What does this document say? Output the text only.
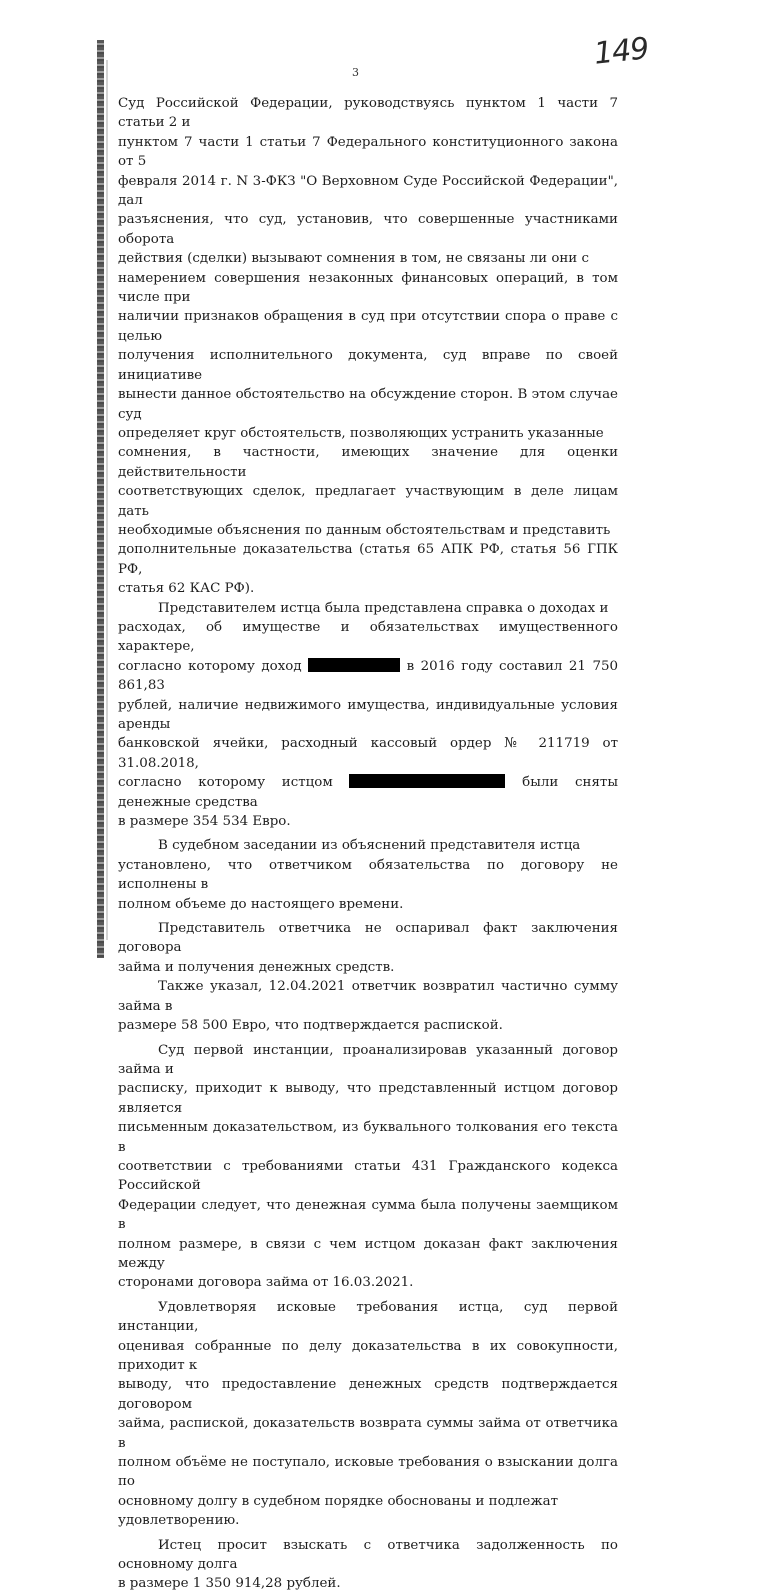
3
149
Суд Российской Федерации, руководствуясь пунктом 1 части 7 статьи 2 и
пунктом 7 части 1 статьи 7 Федерального конституционного закона от 5
февраля 2014 г. N 3-ФКЗ "О Верховном Суде Российской Федерации", дал
разъяснения, что суд, установив, что совершенные участниками оборота
действия (сделки) вызывают сомнения в том, не связаны ли они с
намерением совершения незаконных финансовых операций, в том числе при
наличии признаков обращения в суд при отсутствии спора о праве с целью
получения исполнительного документа, суд вправе по своей инициативе
вынести данное обстоятельство на обсуждение сторон. В этом случае суд
определяет круг обстоятельств, позволяющих устранить указанные
сомнения, в частности, имеющих значение для оценки действительности
соответствующих сделок, предлагает участвующим в деле лицам дать
необходимые объяснения по данным обстоятельствам и представить
дополнительные доказательства (статья 65 АПК РФ, статья 56 ГПК РФ,
статья 62 КАС РФ).
Представителем истца была представлена справка о доходах и
расходах, об имуществе и обязательствах имущественного характере,
согласно которому доход	в 2016 году составил 21 750 861,83
рублей, наличие недвижимого имущества, индивидуальные условия аренды
банковской ячейки, расходный кассовый ордер № 211719 от 31.08.2018,
согласно которому истцом	были сняты денежные средства
в размере 354 534 Евро.
В судебном заседании из объяснений представителя истца
установлено, что ответчиком обязательства по договору не исполнены в
полном объеме до настоящего времени.
Представитель ответчика не оспаривал факт заключения договора
займа и получения денежных средств.
Также указал, 12.04.2021 ответчик возвратил частично сумму займа в
размере 58 500 Евро, что подтверждается распиской.
Суд первой инстанции, проанализировав указанный договор займа и
расписку, приходит к выводу, что представленный истцом договор является
письменным доказательством, из буквального толкования его текста в
соответствии с требованиями статьи 431 Гражданского кодекса Российской
Федерации следует, что денежная сумма была получены заемщиком в
полном размере, в связи с чем истцом доказан факт заключения между
сторонами договора займа от 16.03.2021.
Удовлетворяя исковые требования истца, суд первой инстанции,
оценивая собранные по делу доказательства в их совокупности, приходит к
выводу, что предоставление денежных средств подтверждается договором
займа, распиской, доказательств возврата суммы займа от ответчика в
полном объёме не поступало, исковые требования о взыскании долга по
основному долгу в судебном порядке обоснованы и подлежат
удовлетворению.
Истец просит взыскать с ответчика задолженность по основному долга
в размере 1 350 914,28 рублей.
